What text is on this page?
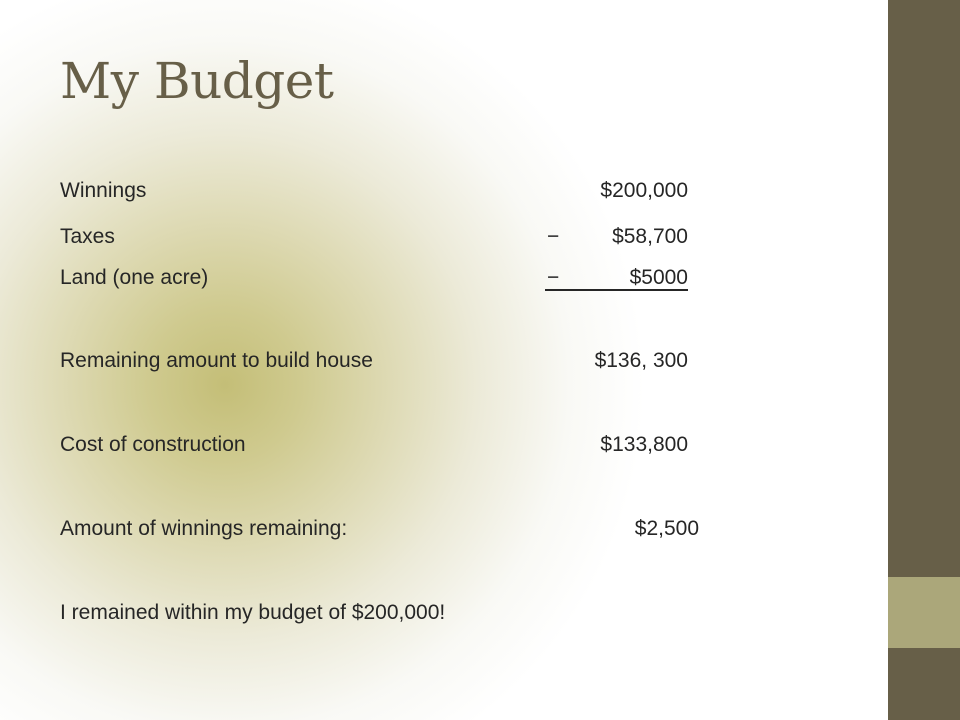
My Budget
Winnings	$200,000
Taxes	−	$58,700
Land (one acre)	−	$5000
Remaining amount to build house	$136, 300
Cost of construction	$133,800
Amount of winnings remaining:	$2,500
I remained within my budget of $200,000!
